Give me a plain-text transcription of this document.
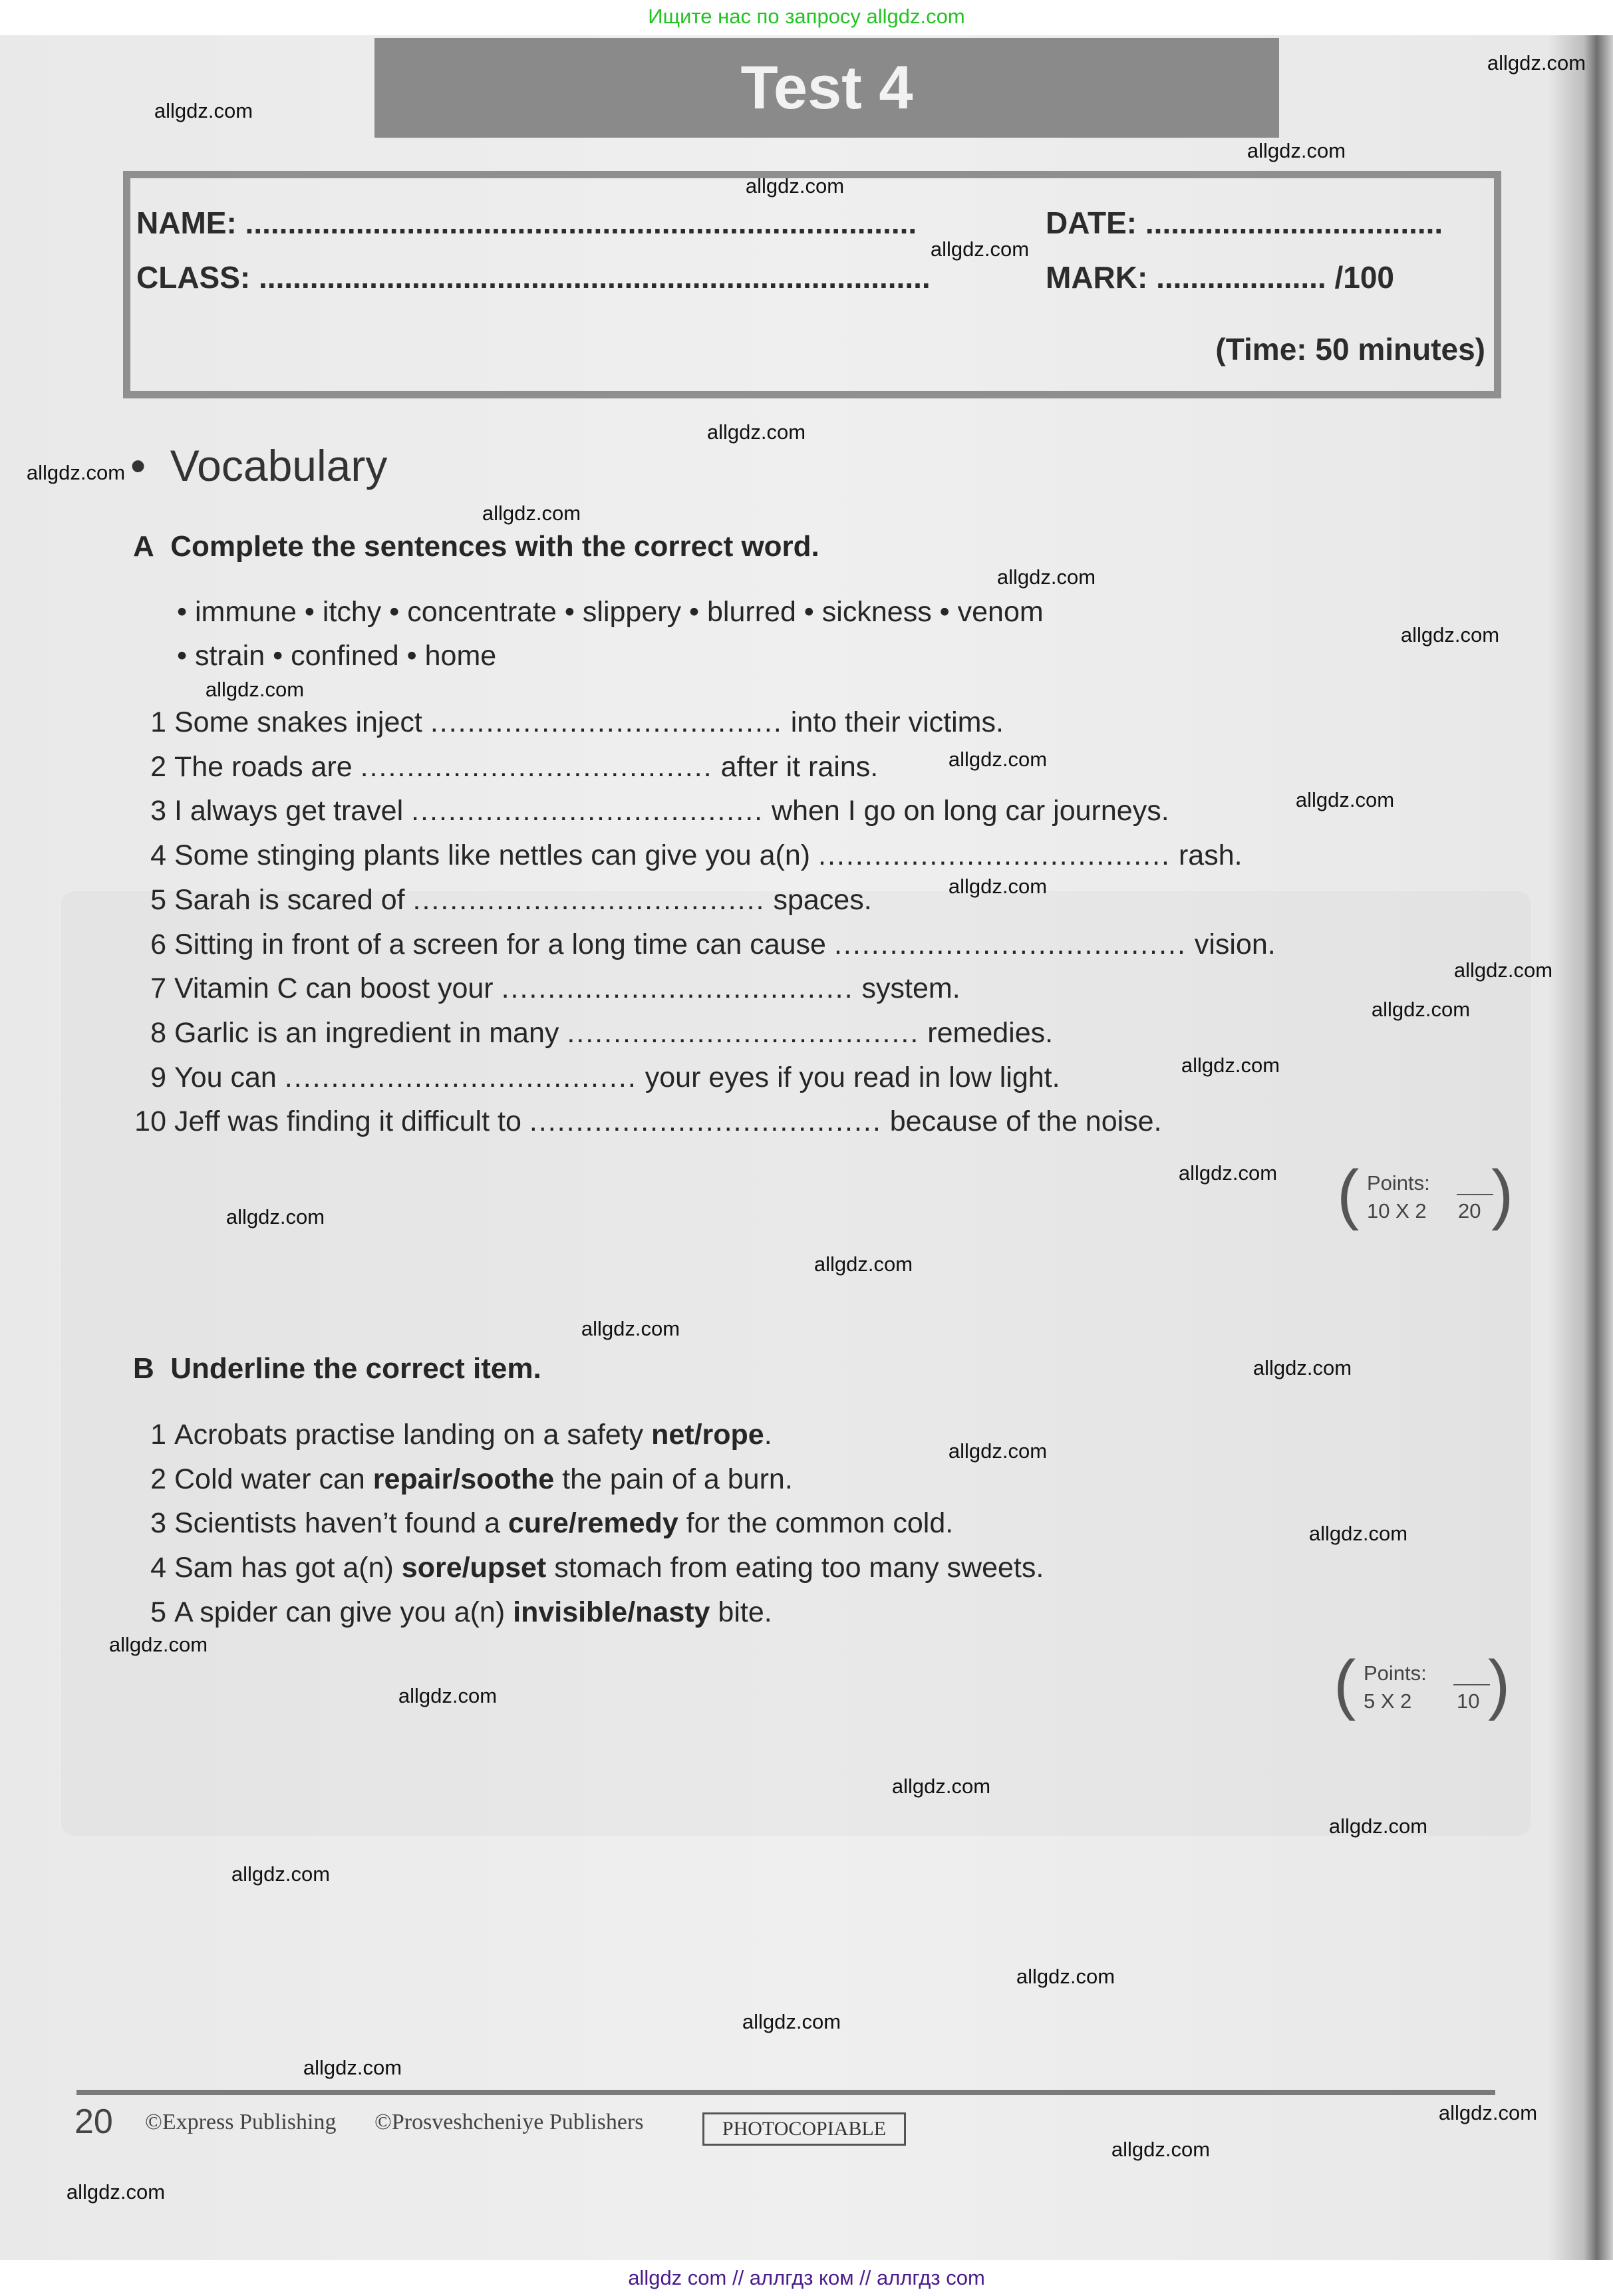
Ищите нас по запросу allgdz.com
Test 4
NAME: ...............................................................................	DATE: ...................................
CLASS: ...............................................................................	MARK: .................... /100
(Time: 50 minutes)
• Vocabulary
A Complete the sentences with the correct word.
• immune • itchy • concentrate • slippery • blurred • sickness • venom
• strain • confined • home
1 Some snakes inject ...................................... into their victims.
2 The roads are ...................................... after it rains.
3 I always get travel ...................................... when I go on long car journeys.
4 Some stinging plants like nettles can give you a(n) ...................................... rash.
5 Sarah is scared of ...................................... spaces.
6 Sitting in front of a screen for a long time can cause ...................................... vision.
7 Vitamin C can boost your ...................................... system.
8 Garlic is an ingredient in many ...................................... remedies.
9 You can ...................................... your eyes if you read in low light.
10 Jeff was finding it difficult to ...................................... because of the noise.
( Points:
10 X 2 20 )
B Underline the correct item.
1 Acrobats practise landing on a safety net/rope.
2 Cold water can repair/soothe the pain of a burn.
3 Scientists haven’t found a cure/remedy for the common cold.
4 Sam has got a(n) sore/upset stomach from eating too many sweets.
5 A spider can give you a(n) invisible/nasty bite.
( Points:
5 X 2 10 )
20 ©Express Publishing ©Prosveshcheniye Publishers	PHOTOCOPIABLE
allgdz.com
allgdz.com
allgdz.com
allgdz.com
allgdz.com
allgdz.com
allgdz.com
allgdz.com
allgdz.com
allgdz.com
allgdz.com
allgdz.com
allgdz.com
allgdz.com
allgdz.com
allgdz.com
allgdz.com
allgdz.com
allgdz.com
allgdz.com
allgdz.com
allgdz.com
allgdz.com
allgdz.com
allgdz.com
allgdz.com
allgdz.com
allgdz.com
allgdz.com
allgdz.com
allgdz.com
allgdz.com
allgdz.com
allgdz.com
allgdz.com
allgdz com // аллгдз ком // аллгдз com
